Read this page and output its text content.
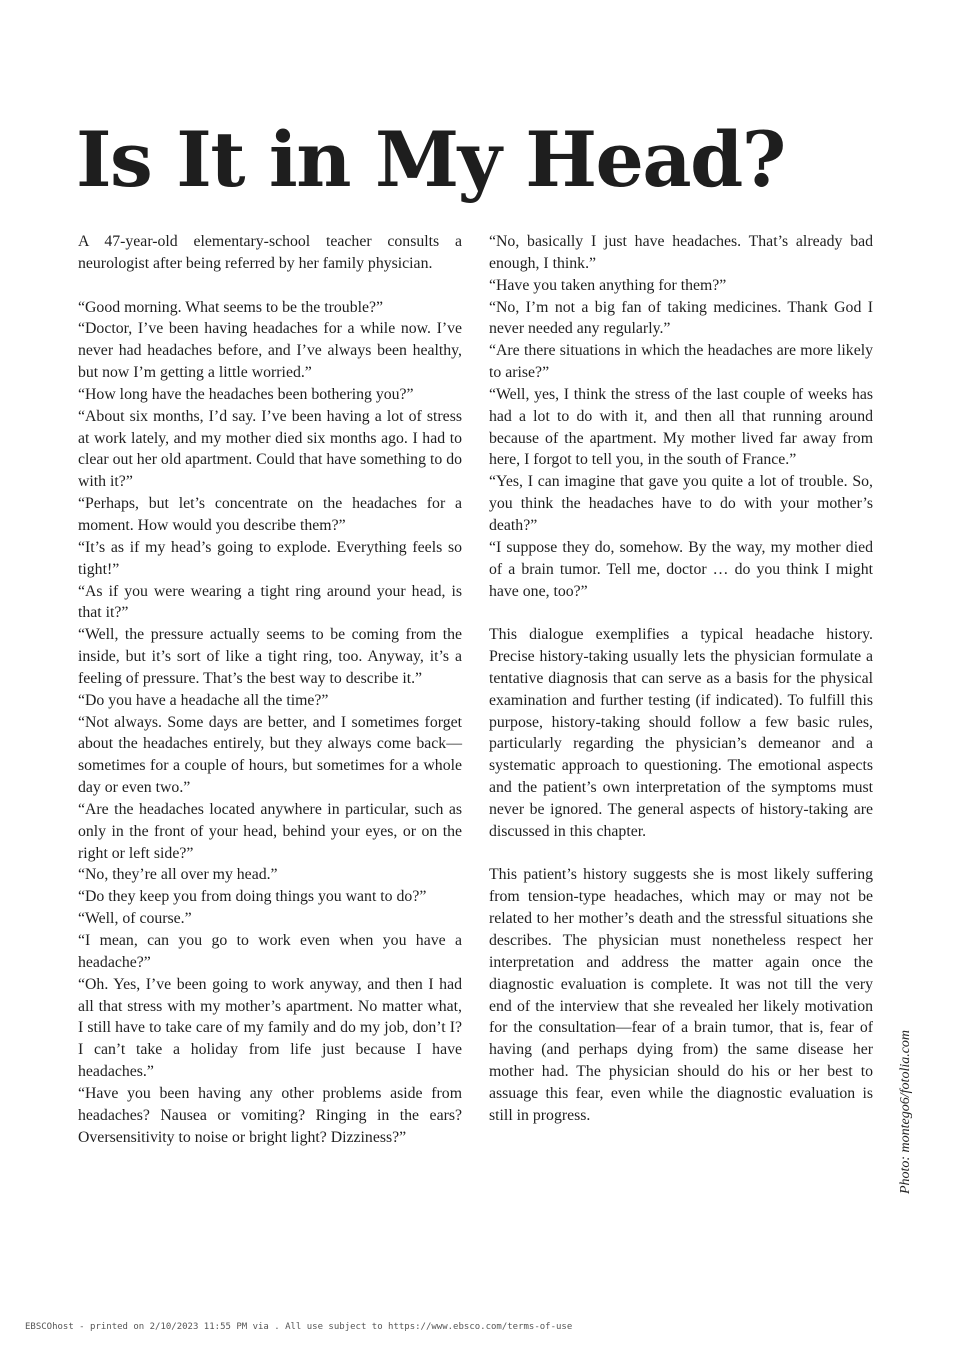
Is It in My Head?

A 47-year-old elementary-school teacher consults a neurologist after being referred by her family physician.

“Good morning. What seems to be the trouble?”

“Doctor, I’ve been having headaches for a while now. I’ve never had headaches before, and I’ve always been healthy, but now I’m getting a little worried.”

“How long have the headaches been bothering you?”

“About six months, I’d say. I’ve been having a lot of stress at work lately, and my mother died six months ago. I had to clear out her old apartment. Could that have something to do with it?”

“Perhaps, but let’s concentrate on the headaches for a moment. How would you describe them?”

“It’s as if my head’s going to explode. Everything feels so tight!”

“As if you were wearing a tight ring around your head, is that it?”

“Well, the pressure actually seems to be coming from the inside, but it’s sort of like a tight ring, too. Anyway, it’s a feeling of pressure. That’s the best way to describe it.”

“Do you have a headache all the time?”

“Not always. Some days are better, and I sometimes forget about the headaches entirely, but they always come back—sometimes for a couple of hours, but sometimes for a whole day or even two.”

“Are the headaches located anywhere in particular, such as only in the front of your head, behind your eyes, or on the right or left side?”

“No, they’re all over my head.”

“Do they keep you from doing things you want to do?”

“Well, of course.”

“I mean, can you go to work even when you have a headache?”

“Oh. Yes, I’ve been going to work anyway, and then I had all that stress with my mother’s apartment. No matter what, I still have to take care of my family and do my job, don’t I? I can’t take a holiday from life just because I have headaches.”

“Have you been having any other problems aside from headaches? Nausea or vomiting? Ringing in the ears? Oversensitivity to noise or bright light? Dizziness?”

“No, basically I just have headaches. That’s already bad enough, I think.”

“Have you taken anything for them?”

“No, I’m not a big fan of taking medicines. Thank God I never needed any regularly.”

“Are there situations in which the headaches are more likely to arise?”

“Well, yes, I think the stress of the last couple of weeks has had a lot to do with it, and then all that running around because of the apartment. My mother lived far away from here, I forgot to tell you, in the south of France.”

“Yes, I can imagine that gave you quite a lot of trouble. So, you think the headaches have to do with your mother’s death?”

“I suppose they do, somehow. By the way, my mother died of a brain tumor. Tell me, doctor … do you think I might have one, too?”

This dialogue exemplifies a typical headache history. Precise history-taking usually lets the physician formulate a tentative diagnosis that can serve as a basis for the physical examination and further testing (if indicated). To fulfill this purpose, history-taking should follow a few basic rules, particularly regarding the physician’s demeanor and a systematic approach to questioning. The emotional aspects and the patient’s own interpretation of the symptoms must never be ignored. The general aspects of history-taking are discussed in this chapter.

This patient’s history suggests she is most likely suffering from tension-type headaches, which may or may not be related to her mother’s death and the stressful situations she describes. The physician must nonetheless respect her interpretation and address the matter again once the diagnostic evaluation is complete. It was not till the very end of the interview that she revealed her likely motivation for the consultation—fear of a brain tumor, that is, fear of having (and perhaps dying from) the same disease her mother had. The physician should do his or her best to assuage this fear, even while the diagnostic evaluation is still in progress.	Photo: montego6/fotolia.com
EBSCOhost - printed on 2/10/2023 11:55 PM via . All use subject to https://www.ebsco.com/terms-of-use
